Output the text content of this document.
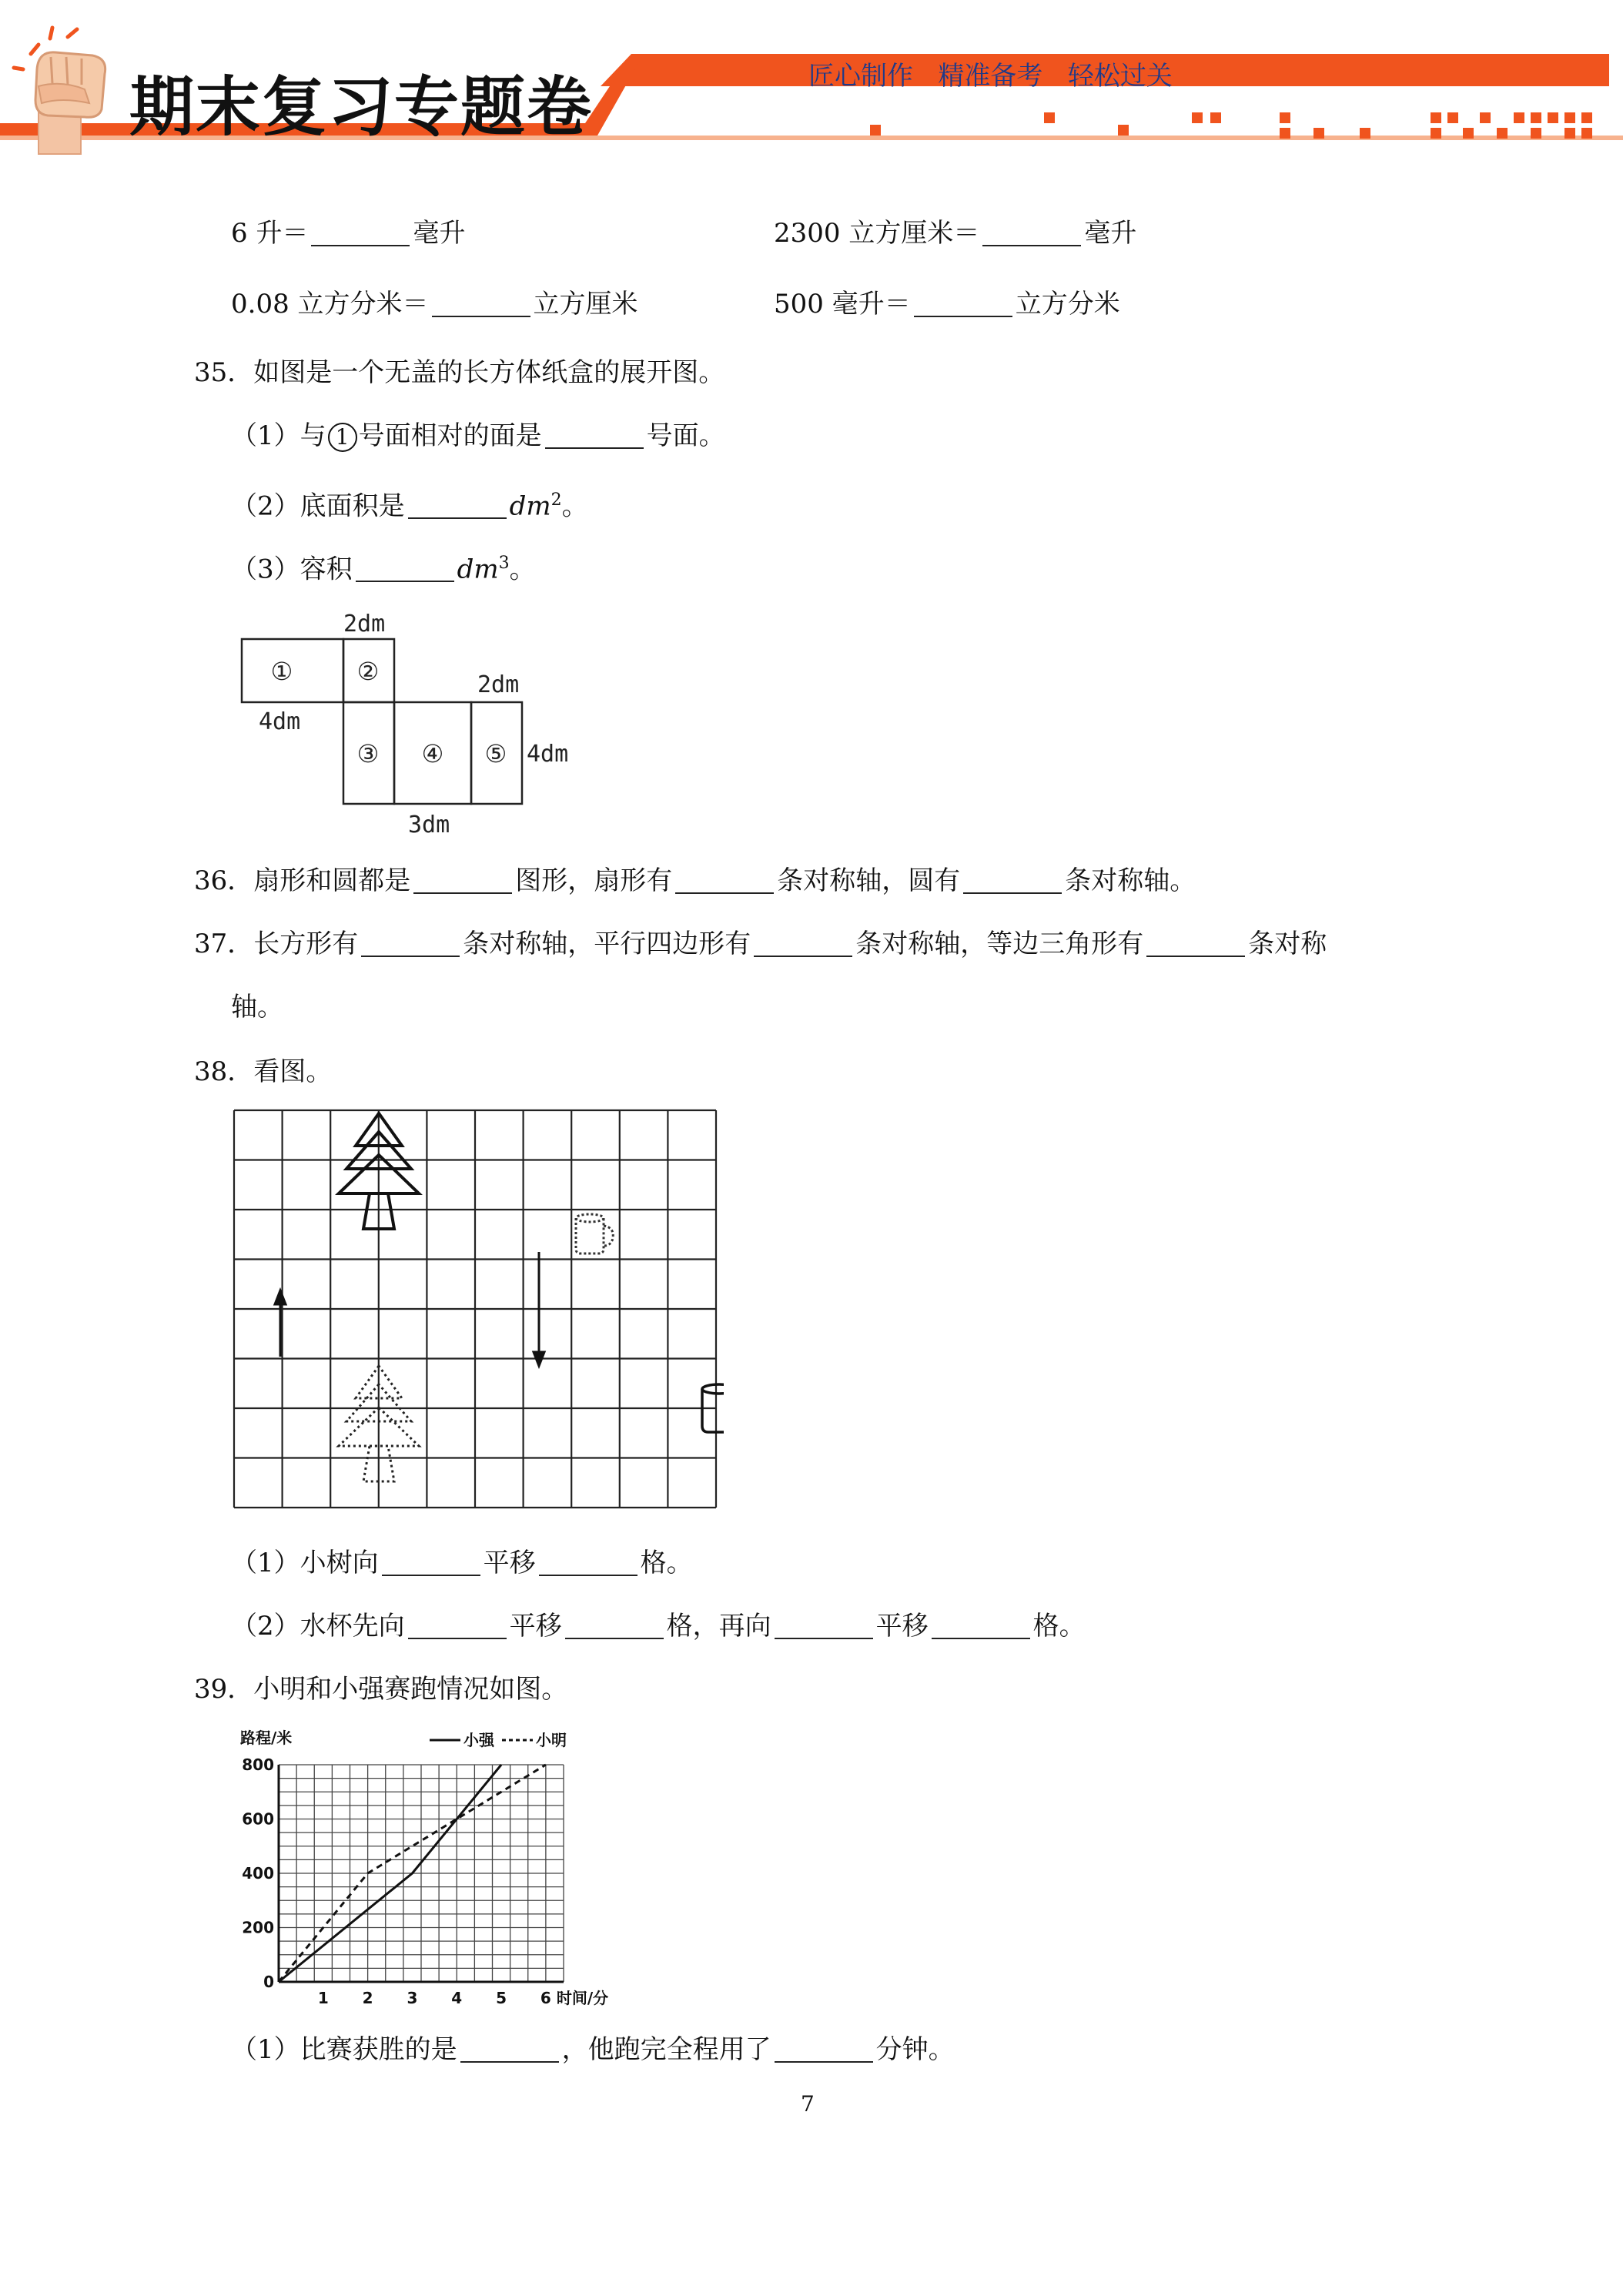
期末复习专题卷	匠心制作   精准备考   轻松过关
6 升＝	毫升	2300 立方厘米＝	毫升
0.08 立方分米＝	立方厘米	500 毫升＝	立方分米
35．如图是一个无盖的长方体纸盒的展开图。
（1）与 1 号面相对的面是	号面。
（2）底面积是	$dm^2$。
（3）容积	$dm^3$。
①	②
③ ④ ⑤
2dm
4dm
2dm
4dm
3dm
36．扇形和圆都是	图形，扇形有	条对称轴，圆有	条对称轴。
37．长方形有	条对称轴，平行四边形有	条对称轴，等边三角形有	条对称
轴。
38．看图。
（1）小树向	平移	格。
（2）水杯先向	平移	格，再向	平移	格。
39．小明和小强赛跑情况如图。
0
200
400
600
800
1 2 3 4 5 6 时间/分
路程/米	小强	小明
（1）比赛获胜的是	，他跑完全程用了	分钟。
7
